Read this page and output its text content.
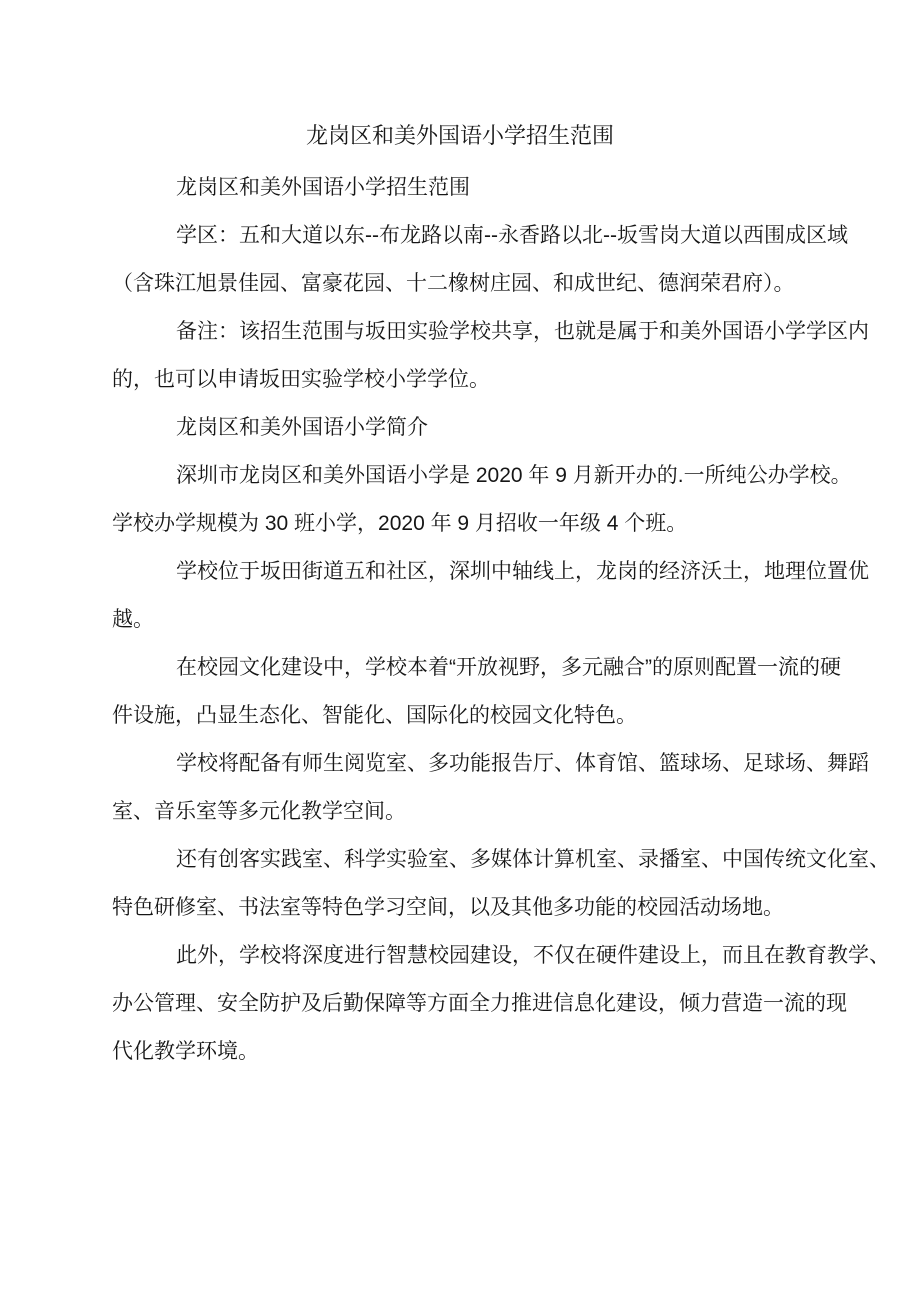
龙岗区和美外国语小学招生范围
龙岗区和美外国语小学招生范围
学区：五和大道以东--布龙路以南--永香路以北--坂雪岗大道以西围成区域
（含珠江旭景佳园、富豪花园、十二橡树庄园、和成世纪、德润荣君府）。
备注：该招生范围与坂田实验学校共享，也就是属于和美外国语小学学区内
的，也可以申请坂田实验学校小学学位。
龙岗区和美外国语小学简介
深圳市龙岗区和美外国语小学是 2020 年 9 月新开办的.一所纯公办学校。
学校办学规模为 30 班小学，2020 年 9 月招收一年级 4 个班。
学校位于坂田街道五和社区，深圳中轴线上，龙岗的经济沃土，地理位置优
越。
在校园文化建设中，学校本着“开放视野，多元融合”的原则配置一流的硬
件设施，凸显生态化、智能化、国际化的校园文化特色。
学校将配备有师生阅览室、多功能报告厅、体育馆、篮球场、足球场、舞蹈
室、音乐室等多元化教学空间。
还有创客实践室、科学实验室、多媒体计算机室、录播室、中国传统文化室、
特色研修室、书法室等特色学习空间，以及其他多功能的校园活动场地。
此外，学校将深度进行智慧校园建设，不仅在硬件建设上，而且在教育教学、
办公管理、安全防护及后勤保障等方面全力推进信息化建设，倾力营造一流的现
代化教学环境。
